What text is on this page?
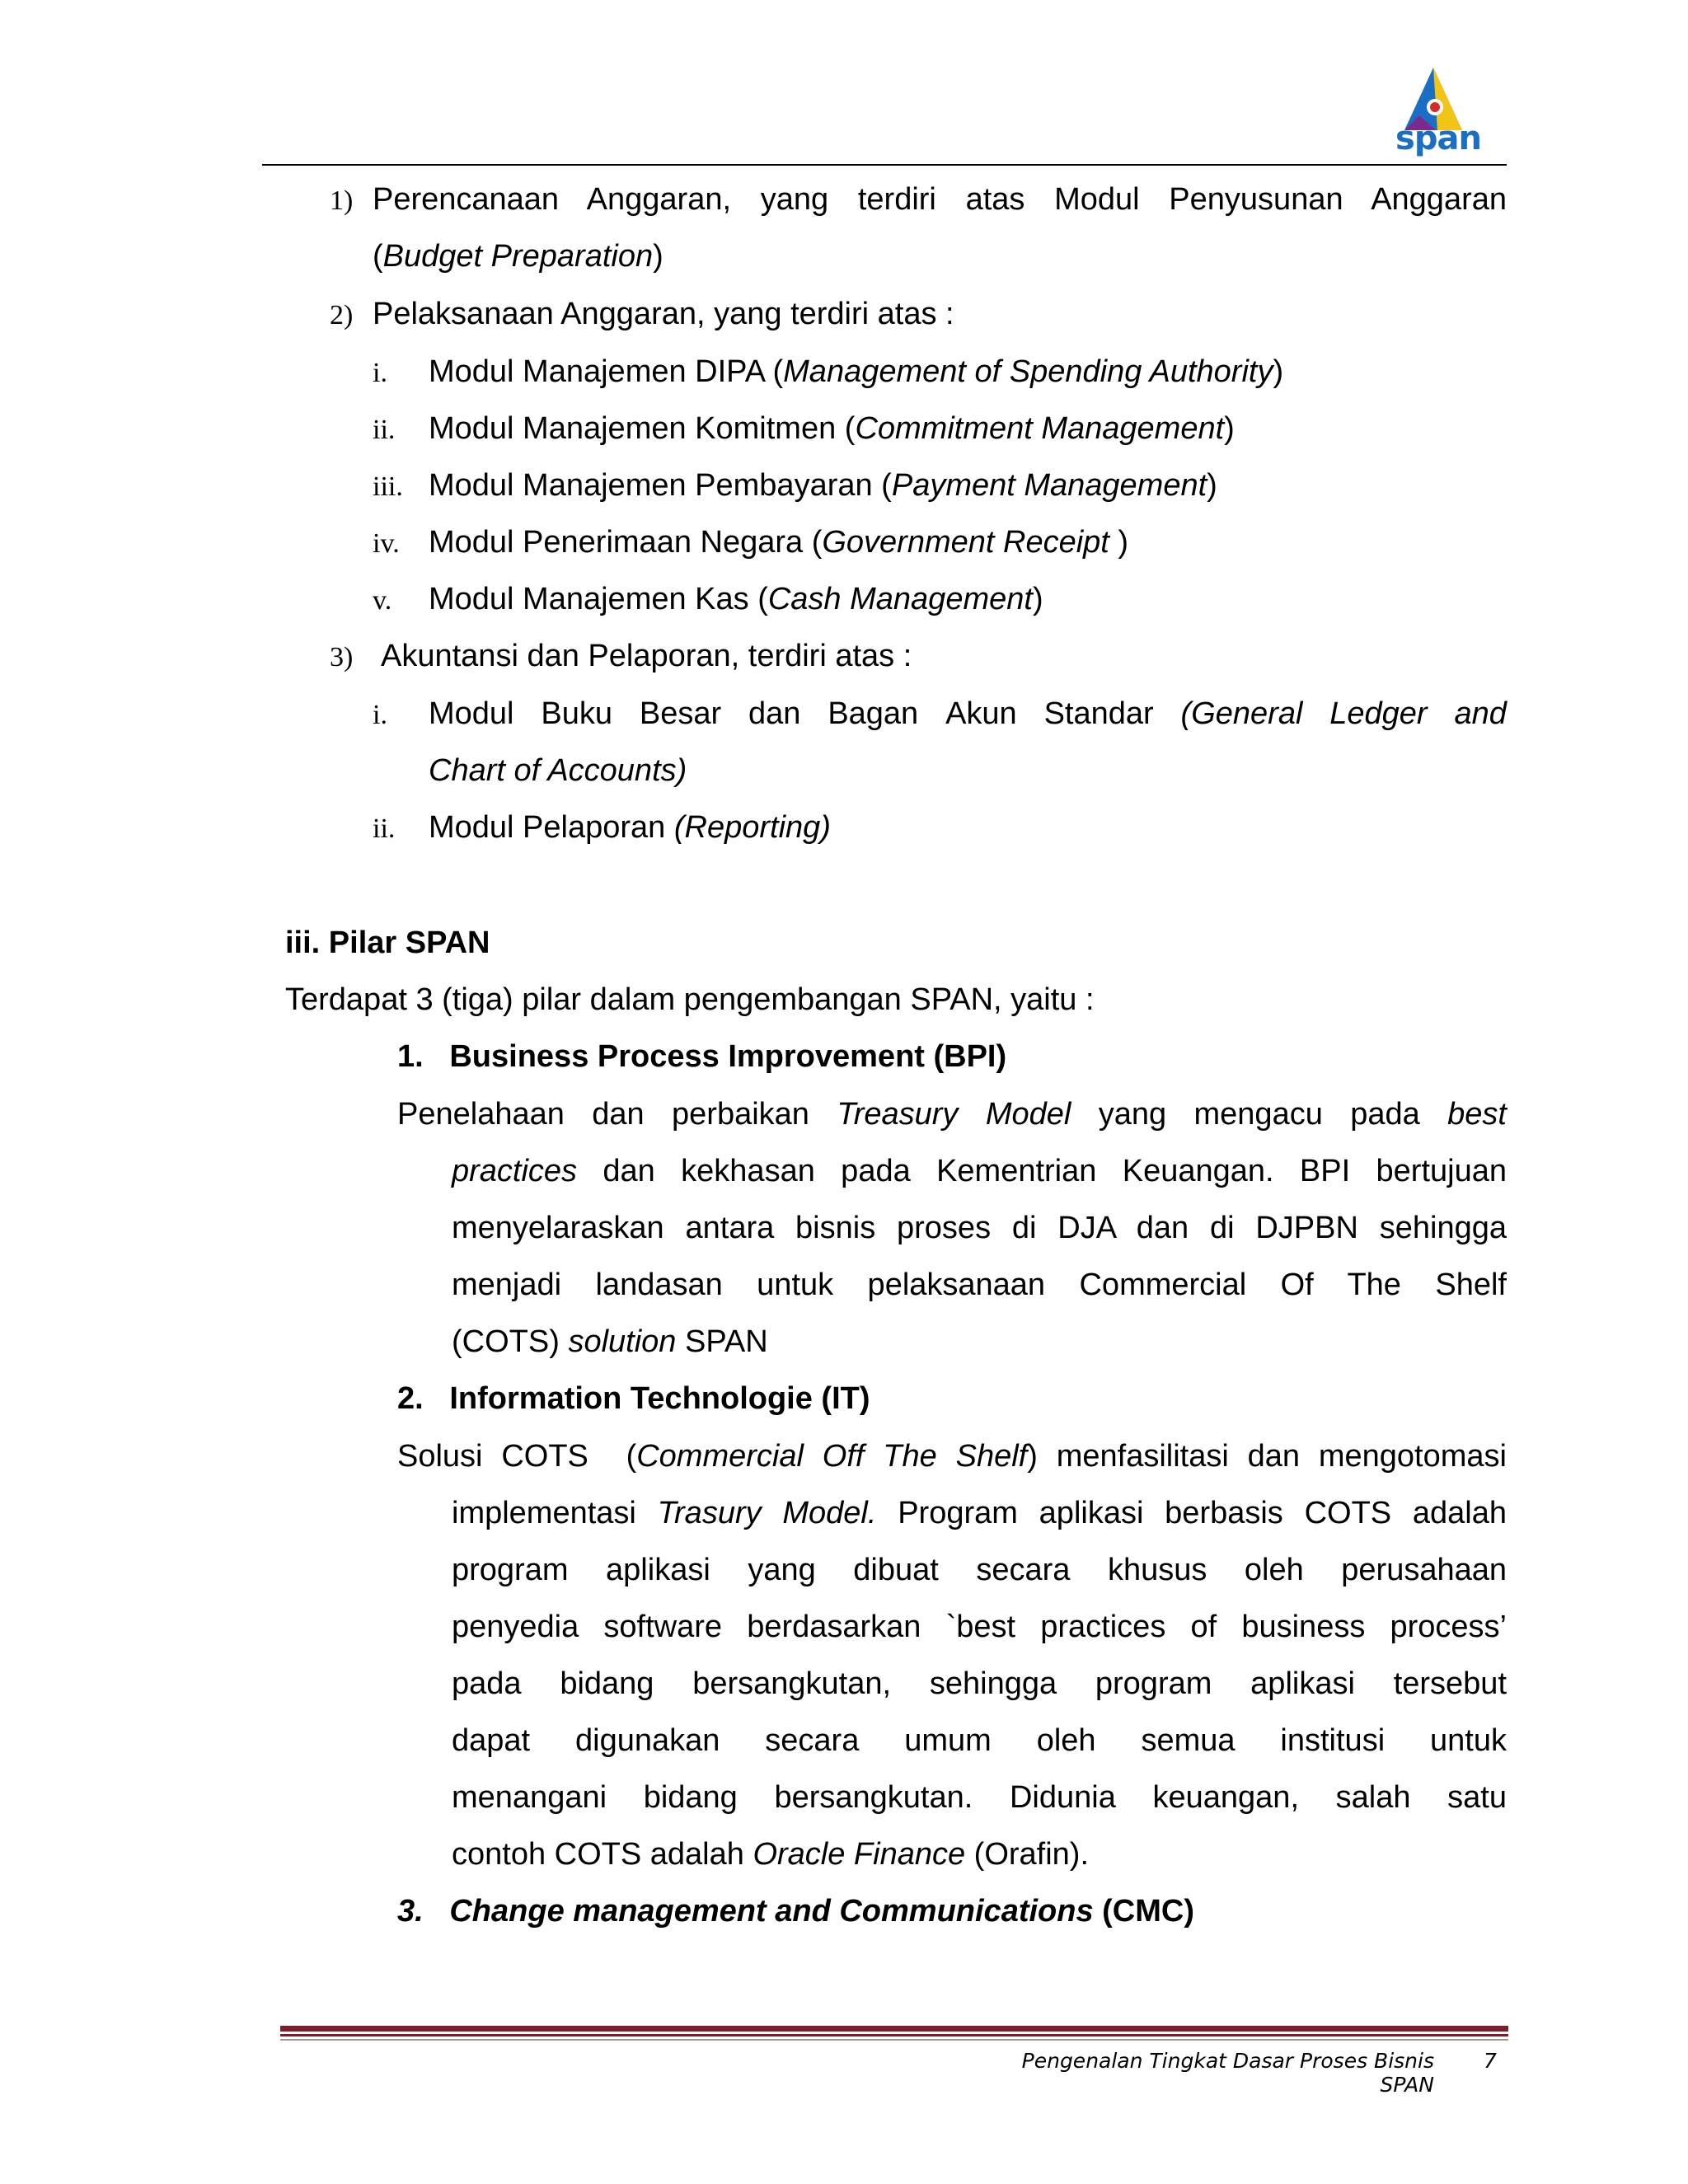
span
1) Perencanaan Anggaran, yang terdiri atas Modul Penyusunan Anggaran
(Budget Preparation)
2) Pelaksanaan Anggaran, yang terdiri atas :
i. Modul Manajemen DIPA (Management of Spending Authority)
ii. Modul Manajemen Komitmen (Commitment Management)
iii. Modul Manajemen Pembayaran (Payment Management)
iv. Modul Penerimaan Negara (Government Receipt )
v. Modul Manajemen Kas (Cash Management)
3) Akuntansi dan Pelaporan, terdiri atas :
i. Modul Buku Besar dan Bagan Akun Standar (General Ledger and
Chart of Accounts)
ii. Modul Pelaporan (Reporting)
iii. Pilar SPAN
Terdapat 3 (tiga) pilar dalam pengembangan SPAN, yaitu :
1.   Business Process Improvement (BPI)
Penelahaan dan perbaikan Treasury Model yang mengacu pada best
practices dan kekhasan pada Kementrian Keuangan. BPI bertujuan
menyelaraskan antara bisnis proses di DJA dan di DJPBN sehingga
menjadi landasan untuk pelaksanaan Commercial Of The Shelf
(COTS) solution SPAN
2.   Information Technologie (IT)
Solusi COTS  (Commercial Off The Shelf) menfasilitasi dan mengotomasi
implementasi Trasury Model. Program aplikasi berbasis COTS adalah
program aplikasi yang dibuat secara khusus oleh perusahaan
penyedia software berdasarkan `best practices of business process’
pada bidang bersangkutan, sehingga program aplikasi tersebut
dapat digunakan secara umum oleh semua institusi untuk
menangani bidang bersangkutan. Didunia keuangan, salah satu
contoh COTS adalah Oracle Finance (Orafin).
3.   Change management and Communications (CMC)
Pengenalan Tingkat Dasar Proses Bisnis SPAN
7
